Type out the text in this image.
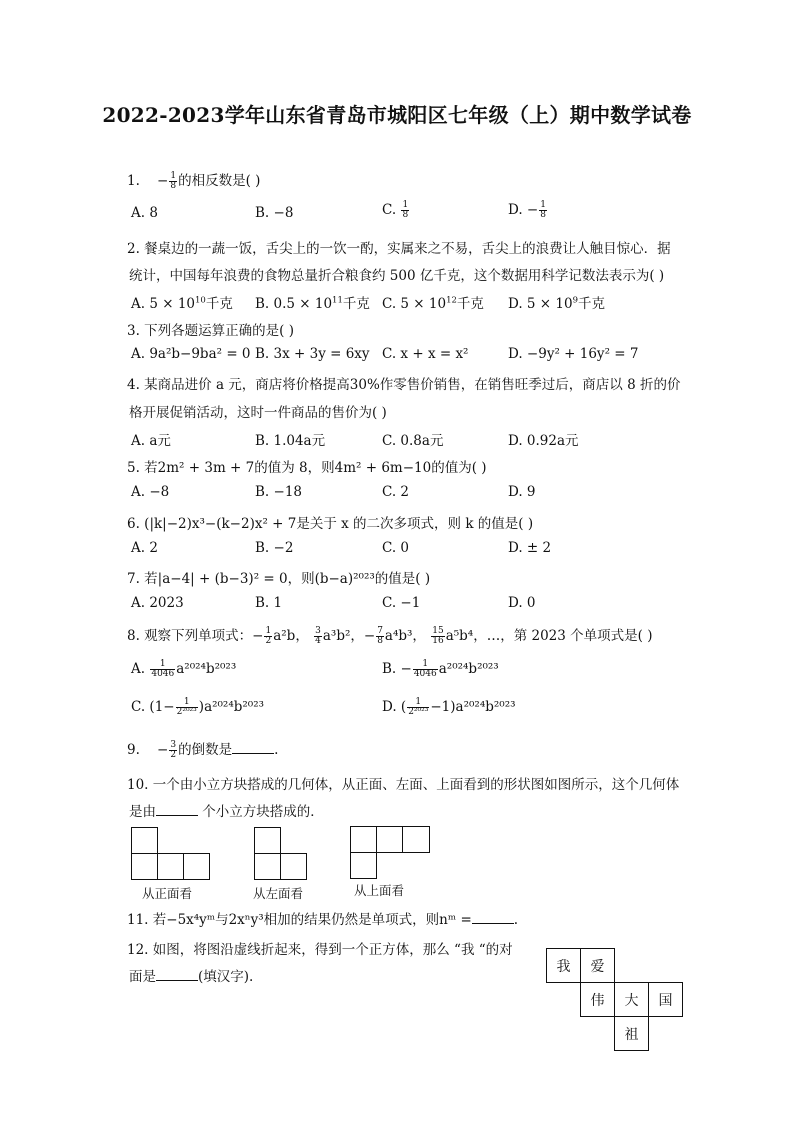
2022-2023学年山东省青岛市城阳区七年级（上）期中数学试卷
1.    − $\frac{1}{8}$ 的相反数是( )
A. 8	B. −8	C. $\frac{1}{8}$	D. − $\frac{1}{8}$
2. 餐桌边的一蔬一饭，舌尖上的一饮一酌，实属来之不易，舌尖上的浪费让人触目惊心．据
统计，中国每年浪费的食物总量折合粮食约 500 亿千克，这个数据用科学记数法表示为( )
A. $5 \times 10^{10}$千克 B. $0.5 \times 10^{11}$千克 C. $5 \times 10^{12}$千克 D. $5 \times 10^9$千克
3. 下列各题运算正确的是( )
A. 9a²b−9ba² = 0 B. 3x + 3y = 6xy C. x + x = x²	D. −9y² + 16y² = 7
4. 某商品进价 a 元，商店将价格提高30%作零售价销售，在销售旺季过后，商店以 8 折的价
格开展促销活动，这时一件商品的售价为( )
A. a元	B. 1.04a元	C. 0.8a元	D. 0.92a元
5. 若2m² + 3m + 7的值为 8，则4m² + 6m−10的值为( )
A. −8	B. −18	C. 2	D. 9
6. (|k|−2)x³−(k−2)x² + 7是关于 x 的二次多项式，则 k 的值是( )
A. 2	B. −2	C. 0	D. ± 2
7. 若|a−4| + (b−3)² = 0，则(b−a)²⁰²³的值是( )
A. 2023	B. 1	C. −1	D. 0
8. 观察下列单项式：− $\frac{1}{2} a^2b$， $\frac{3}{4} a^3b^2$，− $\frac{7}{8} a^4b^3$， $\frac{15}{16} a^5b^4$，…，第 2023 个单项式是( )
A. $\frac{1}{4046} a^{2024}b^{2023}$	B. − $\frac{1}{4046} a^{2024}b^{2023}$
C. $(1- \frac{1}{\text{2²⁰²³}} )a^{2024}b^{2023}$	D. ( $\frac{1}{\text{2²⁰²³}} -1)a^{2024}b^{2023}$
9.    − $\frac{3}{2}$ 的倒数是	.
10. 一个由小立方块搭成的几何体，从正面、左面、上面看到的形状图如图所示，这个几何体
是由	个小立方块搭成的．
从正面看	从左面看	从上面看
11. 若−5x⁴yᵐ与2xⁿy³相加的结果仍然是单项式，则nᵐ =	.
12. 如图，将图沿虚线折起来，得到一个正方体，那么 “我 “的对
面是	(填汉字).
我	爱
伟	大	国
祖
